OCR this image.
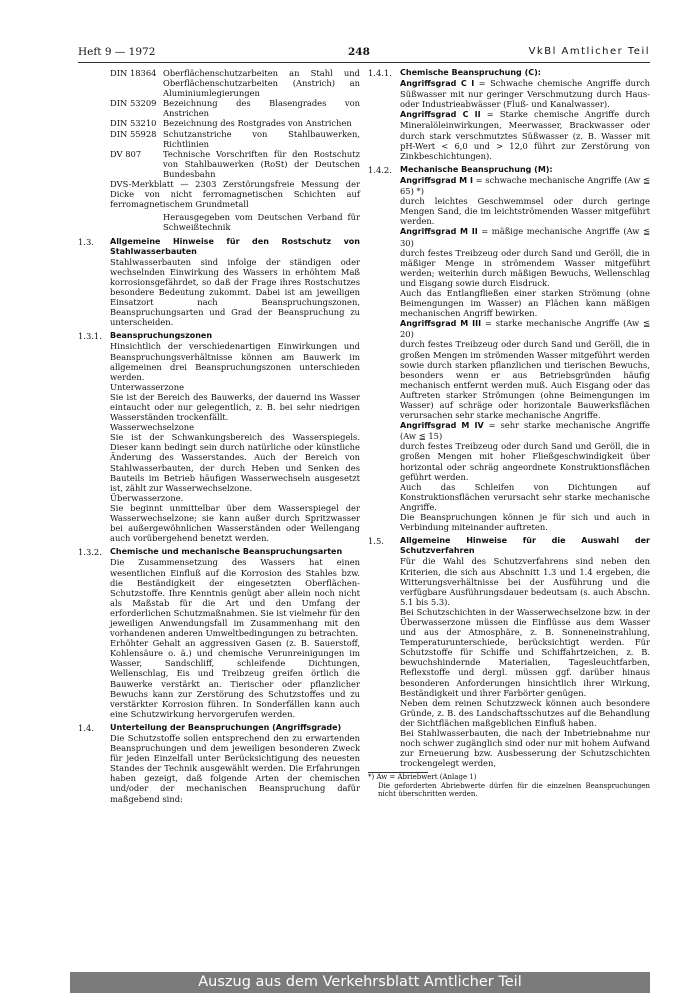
Heft 9 — 1972	248	VkBl Amtlicher Teil
DIN 18364 Oberflächenschutzarbeiten an Stahl und Oberflächenschutzarbeiten (Anstrich) an Aluminiumlegierungen
DIN 53209 Bezeichnung des Blasengrades von Anstrichen
DIN 53210 Bezeichnung des Rostgrades von Anstrichen
DIN 55928 Schutzanstriche von Stahlbauwerken, Richtlinien
DV 807	Technische Vorschriften für den Rostschutz von Stahlbauwerken (RoSt) der Deutschen Bundesbahn

DVS-Merkblatt — 2303 Zerstörungsfreie Messung der Dicke von nicht ferromagnetischen Schichten auf ferromagnetischem Grundmetall

Herausgegeben vom Deutschen Verband für Schweißtechnik

1.3.	Allgemeine Hinweise für den Rostschutz von Stahlwasserbauten

Stahlwasserbauten sind infolge der ständigen oder wechselnden Einwirkung des Wassers in erhöhtem Maß korrosionsgefährdet, so daß der Frage ihres Rostschutzes besondere Bedeutung zukommt. Dabei ist am jeweiligen Einsatzort nach Beanspruchungszonen, Beanspruchungsarten und Grad der Beanspruchung zu unterscheiden.

1.3.1.	Beanspruchungszonen

Hinsichtlich der verschiedenartigen Einwirkungen und Beanspruchungsverhältnisse können am Bauwerk im allgemeinen drei Beanspruchungszonen unterschieden werden.

Unterwasserzone

Sie ist der Bereich des Bauwerks, der dauernd ins Wasser eintaucht oder nur gelegentlich, z. B. bei sehr niedrigen Wasserständen trockenfällt.

Wasserwechselzone

Sie ist der Schwankungsbereich des Wasserspiegels. Dieser kann bedingt sein durch natürliche oder künstliche Änderung des Wasserstandes. Auch der Bereich von Stahlwasserbauten, der durch Heben und Senken des Bauteils im Betrieb häufigen Wasserwechseln ausgesetzt ist, zählt zur Wasserwechselzone.

Überwasserzone.

Sie beginnt unmittelbar über dem Wasserspiegel der Wasserwechselzone; sie kann außer durch Spritzwasser bei außergewöhnlichen Wasserständen oder Wellengang auch vorübergehend benetzt werden.

1.3.2.	Chemische und mechanische Beanspruchungsarten

Die Zusammensetzung des Wassers hat einen wesentlichen Einfluß auf die Korrosion des Stahles bzw. die Beständigkeit der eingesetzten Oberflächen-Schutzstoffe. Ihre Kenntnis genügt aber allein noch nicht als Maßstab für die Art und den Umfang der erforderlichen Schutzmaßnahmen. Sie ist vielmehr für den jeweiligen Anwendungsfall im Zusammenhang mit den vorhandenen anderen Umweltbedingungen zu betrachten.

Erhöhter Gehalt an aggressiven Gasen (z. B. Sauerstoff, Kohlensäure o. ä.) und chemische Verunreinigungen im Wasser, Sandschliff, schleifende Dichtungen, Wellenschlag, Eis und Treibzeug greifen örtlich die Bauwerke verstärkt an. Tierischer oder pflanzlicher Bewuchs kann zur Zerstörung des Schutzstoffes und zu verstärkter Korrosion führen. In Sonderfällen kann auch eine Schutzwirkung hervorgerufen werden.

1.4.	Unterteilung der Beanspruchungen (Angriffsgrade)

Die Schutzstoffe sollen entsprechend den zu erwartenden Beanspruchungen und dem jeweiligen besonderen Zweck für jeden Einzelfall unter Berücksichtigung des neuesten Standes der Technik ausgewählt werden. Die Erfahrungen haben gezeigt, daß folgende Arten der chemischen und/oder der mechanischen Beanspruchung dafür maßgebend sind:

1.4.1.	Chemische Beanspruchung (C):

Angriffsgrad C I = Schwache chemische Angriffe durch Süßwasser mit nur geringer Verschmutzung durch Haus- oder Industrieabwässer (Fluß- und Kanalwasser).

Angriffsgrad C II = Starke chemische Angriffe durch Mineralöleinwirkungen, Meerwasser, Brackwasser oder durch stark verschmutztes Süßwasser (z. B. Wasser mit pH-Wert < 6,0 und > 12,0 führt zur Zerstörung von Zinkbeschichtungen).

1.4.2.	Mechanische Beanspruchung (M):

Angriffsgrad M I = schwache mechanische Angriffe (Aw ≦ 65) *)

durch leichtes Geschwemmsel oder durch geringe Mengen Sand, die im leichtströmenden Wasser mitgeführt werden.

Angriffsgrad M II = mäßige mechanische Angriffe (Aw ≦ 30)

durch festes Treibzeug oder durch Sand und Geröll, die in mäßiger Menge in strömendem Wasser mitgeführt werden; weiterhin durch mäßigen Bewuchs, Wellenschlag und Eisgang sowie durch Eisdruck.

Auch das Entlangfließen einer starken Strömung (ohne Beimengungen im Wasser) an Flächen kann mäßigen mechanischen Angriff bewirken.

Angriffsgrad M III = starke mechanische Angriffe (Aw ≦ 20)

durch festes Treibzeug oder durch Sand und Geröll, die in großen Mengen im strömenden Wasser mitgeführt werden sowie durch starken pflanzlichen und tierischen Bewuchs, besonders wenn er aus Betriebsgründen häufig mechanisch entfernt werden muß. Auch Eisgang oder das Auftreten starker Strömungen (ohne Beimengungen im Wasser) auf schräge oder horizontale Bauwerksflächen verursachen sehr starke mechanische Angriffe.

Angriffsgrad M IV = sehr starke mechanische Angriffe (Aw ≦ 15)

durch festes Treibzeug oder durch Sand und Geröll, die in großen Mengen mit hoher Fließgeschwindigkeit über horizontal oder schräg angeordnete Konstruktionsflächen geführt werden.

Auch das Schleifen von Dichtungen auf Konstruktionsflächen verursacht sehr starke mechanische Angriffe.

Die Beanspruchungen können je für sich und auch in Verbindung miteinander auftreten.

1.5.	Allgemeine Hinweise für die Auswahl der Schutzverfahren

Für die Wahl des Schutzverfahrens sind neben den Kriterien, die sich aus Abschnitt 1.3 und 1.4 ergeben, die Witterungsverhältnisse bei der Ausführung und die verfügbare Ausführungsdauer bedeutsam (s. auch Abschn. 5.1 bis 5.3).

Bei Schutzschichten in der Wasserwechselzone bzw. in der Überwasserzone müssen die Einflüsse aus dem Wasser und aus der Atmosphäre, z. B. Sonneneinstrahlung, Temperaturunterschiede, berücksichtigt werden. Für Schutzstoffe für Schiffe und Schiffahrtzeichen, z. B. bewuchshindernde Materialien, Tagesleuchtfarben, Reflexstoffe und dergl. müssen ggf. darüber hinaus besonderen Anforderungen hinsichtlich ihrer Wirkung, Beständigkeit und ihrer Farbörter genügen.

Neben dem reinen Schutzzweck können auch besondere Gründe, z. B. des Landschaftsschutzes auf die Behandlung der Sichtflächen maßgeblichen Einfluß haben.

Bei Stahlwasserbauten, die nach der Inbetriebnahme nur noch schwer zugänglich sind oder nur mit hohem Aufwand zur Erneuerung bzw. Ausbesserung der Schutzschichten trockengelegt werden,

*) Aw = Abriebwert (Anlage 1)

Die geforderten Abriebwerte dürfen für die einzelnen Beanspruchungen nicht überschritten werden.

Auszug aus dem Verkehrsblatt Amtlicher Teil
